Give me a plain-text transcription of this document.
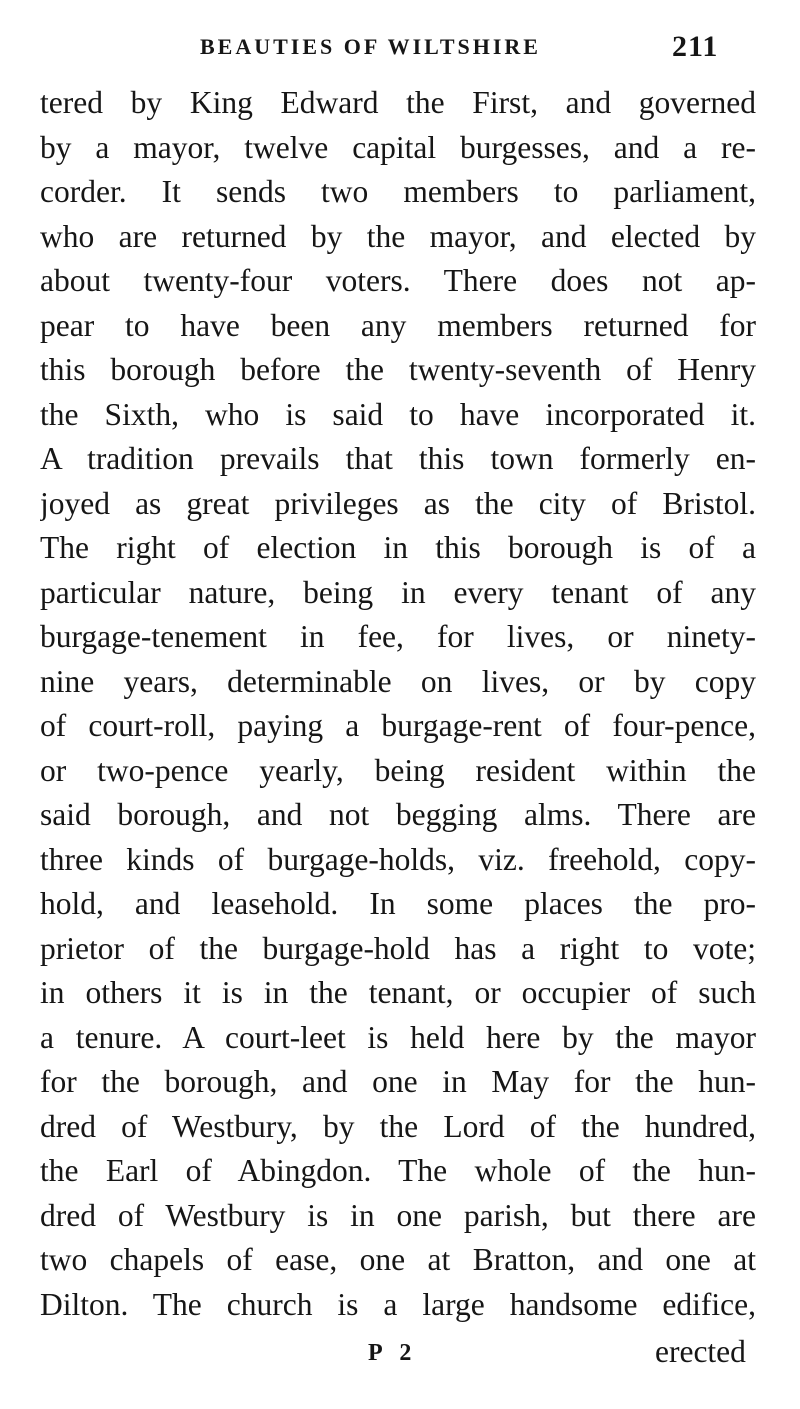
BEAUTIES OF WILTSHIRE	211
tered by King Edward the First, and governed
by a mayor, twelve capital burgesses, and a re-
corder. It sends two members to parliament,
who are returned by the mayor, and elected by
about twenty-four voters. There does not ap-
pear to have been any members returned for
this borough before the twenty-seventh of Henry
the Sixth, who is said to have incorporated it.
A tradition prevails that this town formerly en-
joyed as great privileges as the city of Bristol.
The right of election in this borough is of a
particular nature, being in every tenant of any
burgage-tenement in fee, for lives, or ninety-
nine years, determinable on lives, or by copy
of court-roll, paying a burgage-rent of four-pence,
or two-pence yearly, being resident within the
said borough, and not begging alms. There are
three kinds of burgage-holds, viz. freehold, copy-
hold, and leasehold. In some places the pro-
prietor of the burgage-hold has a right to vote;
in others it is in the tenant, or occupier of such
a tenure. A court-leet is held here by the mayor
for the borough, and one in May for the hun-
dred of Westbury, by the Lord of the hundred,
the Earl of Abingdon. The whole of the hun-
dred of Westbury is in one parish, but there are
two chapels of ease, one at Bratton, and one at
Dilton. The church is a large handsome edifice,
P 2	erected
